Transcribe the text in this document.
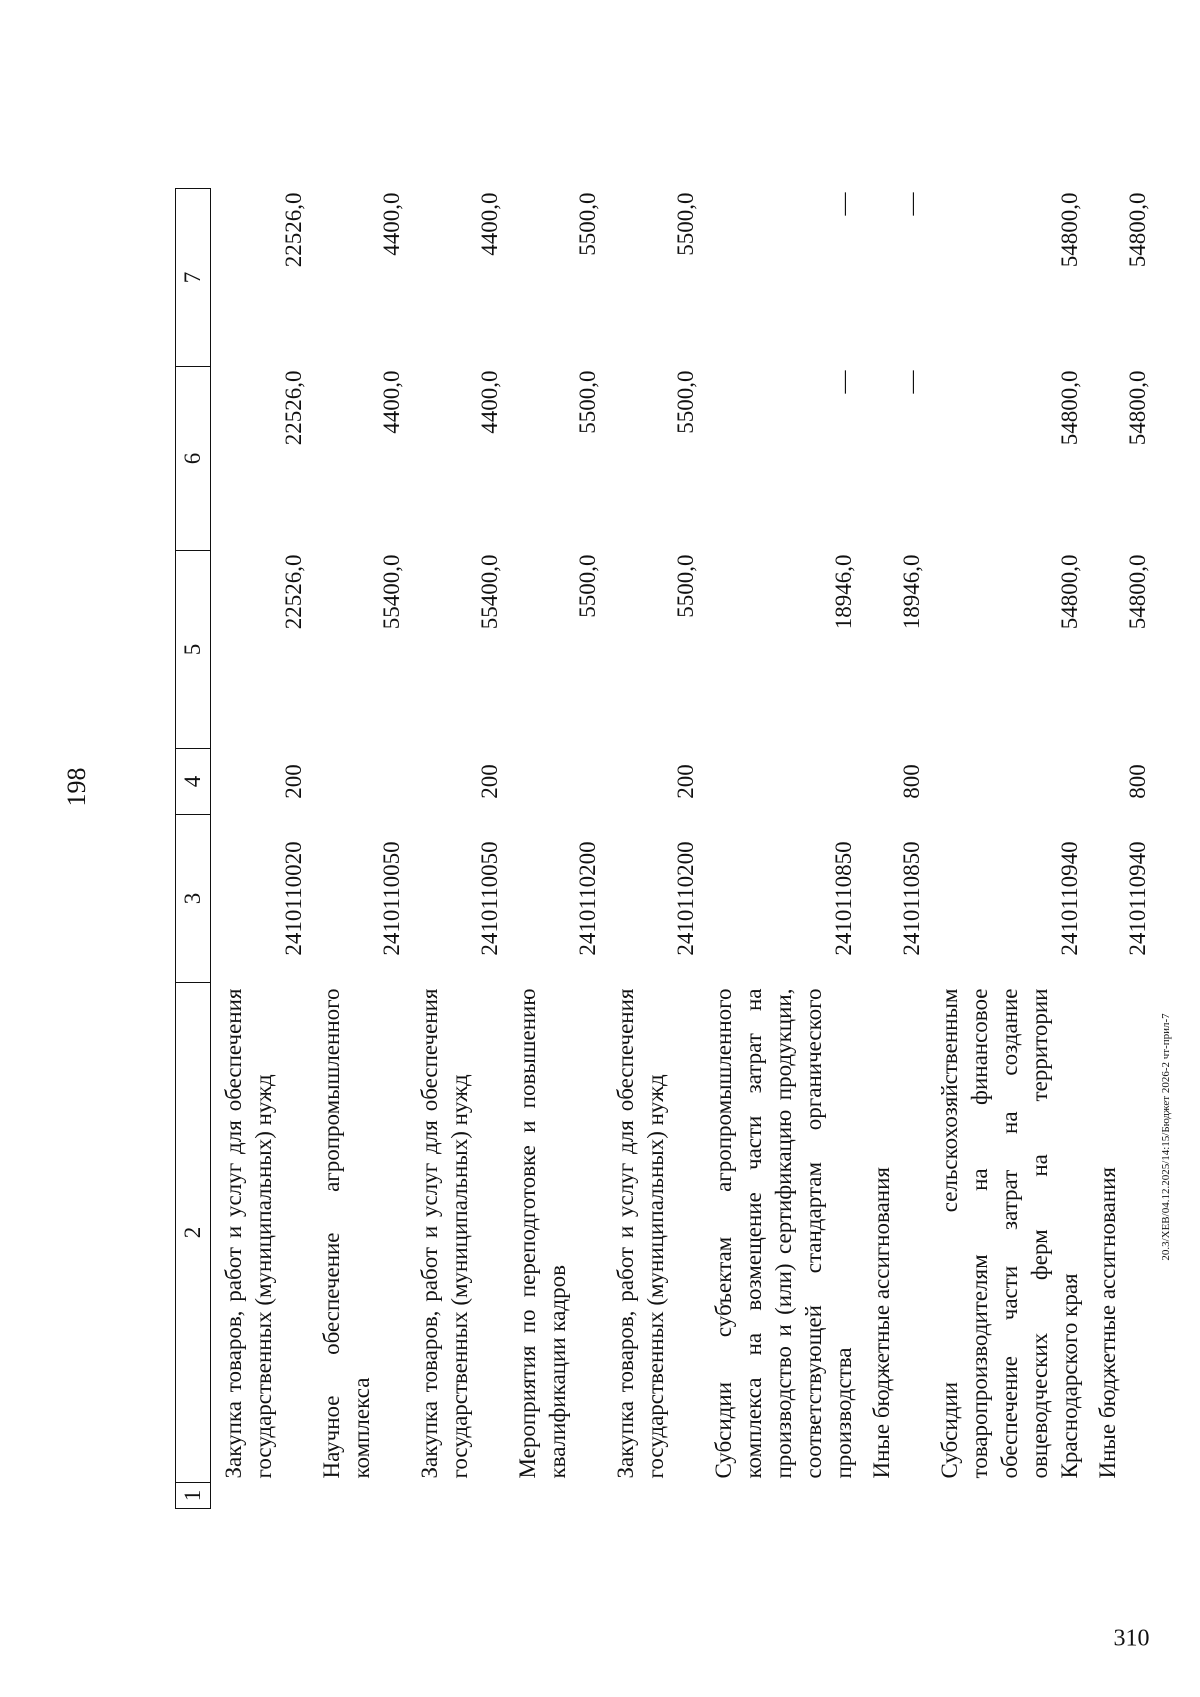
198
1	2	3	4	5	6	7
	Закупка товаров, работ и услуг для обеспечения государственных (муниципальных) нужд	2410110020	200	22526,0	22526,0	22526,0
	Научное обеспечение агропромышленного комплекса	2410110050		55400,0	4400,0	4400,0
	Закупка товаров, работ и услуг для обеспечения государственных (муниципальных) нужд	2410110050	200	55400,0	4400,0	4400,0
	Мероприятия по переподготовке и повышению квалификации кадров	2410110200		5500,0	5500,0	5500,0
	Закупка товаров, работ и услуг для обеспечения государственных (муниципальных) нужд	2410110200	200	5500,0	5500,0	5500,0
	Субсидии субъектам агропромышленного комплекса на возмещение части затрат на производство и (или) сертификацию продукции, соответствующей стандартам органического производства	2410110850		18946,0	—	—
	Иные бюджетные ассигнования	2410110850	800	18946,0	—	—
	Субсидии сельскохозяйственным товаропроизводителям на финансовое обеспечение части затрат на создание овцеводческих ферм на территории Краснодарского края	2410110940		54800,0	54800,0	54800,0
	Иные бюджетные ассигнования	2410110940	800	54800,0	54800,0	54800,0
20.3/XEB/04.12.2025/14:15/Бюджет 2026-2 чт-прил-7
310
